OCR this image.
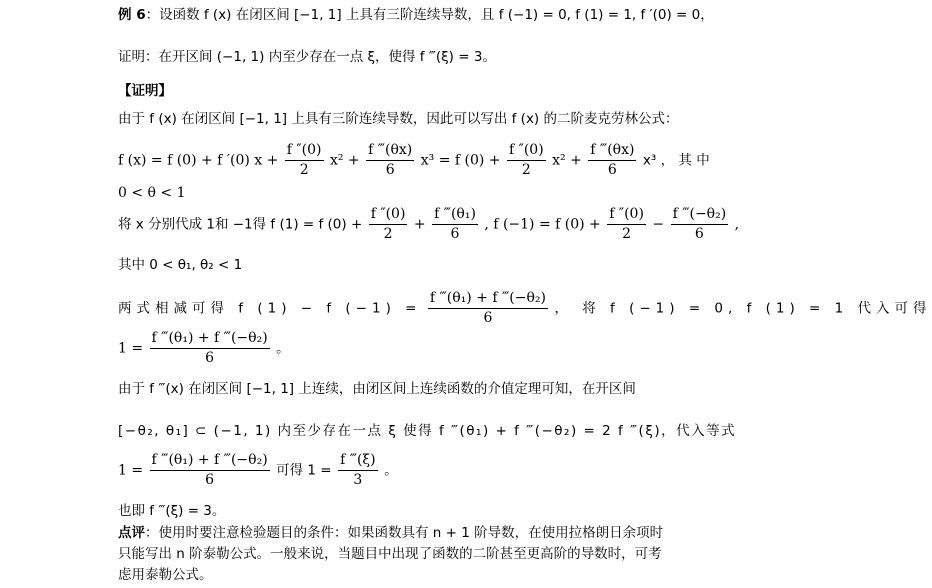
例 6：设函数 f (x) 在闭区间 [−1, 1] 上具有三阶连续导数，且 f (−1) = 0, f (1) = 1, f ′(0) = 0，
证明：在开区间 (−1, 1) 内至少存在一点 ξ，使得 f ‴(ξ) = 3。
【证明】
由于 f (x) 在闭区间 [−1, 1] 上具有三阶连续导数，因此可以写出 f (x) 的二阶麦克劳林公式：
f (x) = f (0) + f ′(0) $x + \frac{f ''(0)}{2} x^2 + \frac{f ‴(\theta x)}{6} x^3 = f$ $(0) + \frac{f ''(0)}{2} x^2 + \frac{f ‴(\theta x)}{6} x^3$ ， 其 中
0 < θ < 1
将 x 分别代成 1和 −1得 f (1) = f $(0) + \frac{f ''(0)}{2} + \frac{\text{f ‴(θ₁)}}{6}$ , f (−1) = f $(0) + \frac{f ''(0)}{2} - \frac{\text{f ‴(−θ₂)}}{6}$ ,
其中 0 < θ₁, θ₂ < 1
两式相减可得 f (1) − f $(-1) = \frac{\text{f ‴(θ₁) + f ‴(−θ₂)}}{6}$ ， 将 f (−1) = 0, f (1) = 1 代入可得
$1 = \frac{\text{f ‴(θ₁) + f ‴(−θ₂)}}{6}$ 。
由于 f ‴(x) 在闭区间 [−1, 1] 上连续，由闭区间上连续函数的介值定理可知，在开区间
[−θ₂, θ₁] ⊂ (−1, 1) 内至少存在一点 ξ 使得 f ‴(θ₁) + f ‴(−θ₂) = 2 f ‴(ξ)，代入等式
$1 = \frac{\text{f ‴(θ₁) + f ‴(−θ₂)}}{6}$ 可得 $1 = \frac{f ‴(\xi)}{3}$ 。
也即 f ‴(ξ) = 3。
点评：使用时要注意检验题目的条件：如果函数具有 n + 1 阶导数，在使用拉格朗日余项时
只能写出 n 阶泰勒公式。一般来说，当题目中出现了函数的二阶甚至更高阶的导数时，可考
虑用泰勒公式。
